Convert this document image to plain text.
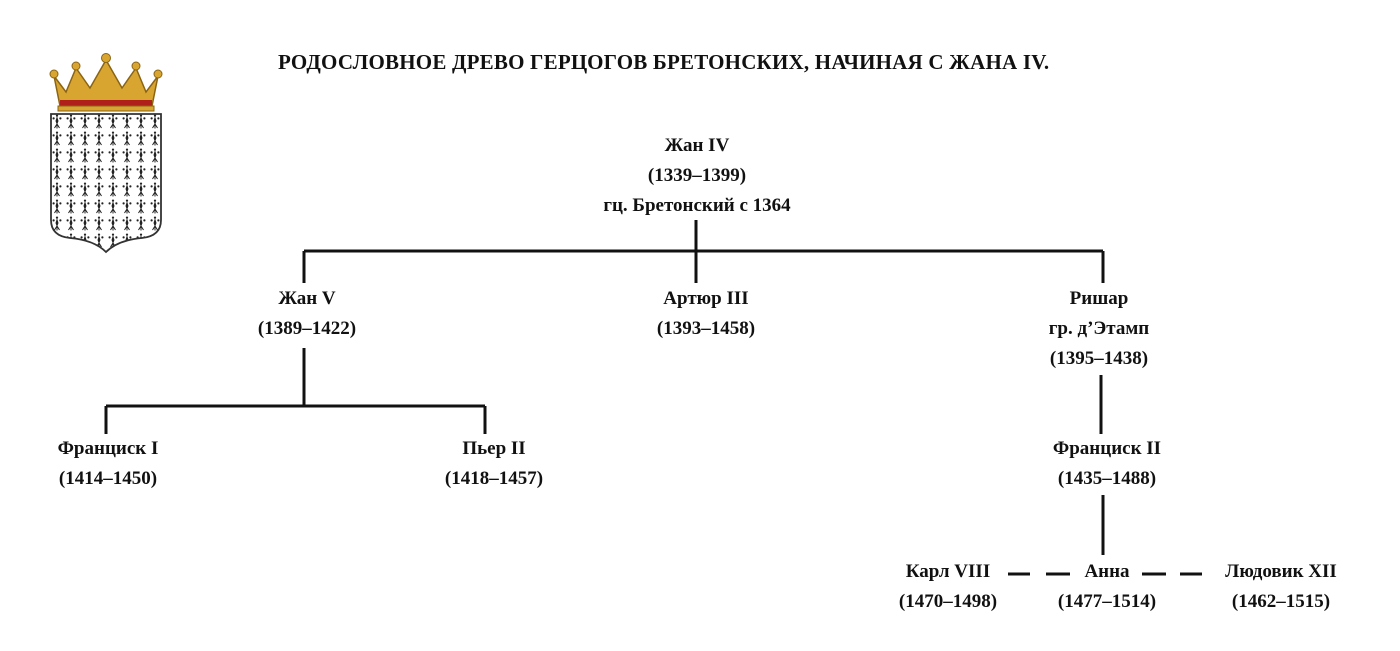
РОДОСЛОВНОЕ ДРЕВО ГЕРЦОГОВ БРЕТОНСКИХ, НАЧИНАЯ С ЖАНА IV.
Жан IV
(1339–1399)
гц. Бретонский с 1364
Жан V
(1389–1422)
Артюр III
(1393–1458)
Ришар
гр. д’Этамп
(1395–1438)
Франциск I
(1414–1450)
Пьер II
(1418–1457)
Франциск II
(1435–1488)
Карл VIII
(1470–1498)
Анна
(1477–1514)
Людовик XII
(1462–1515)
